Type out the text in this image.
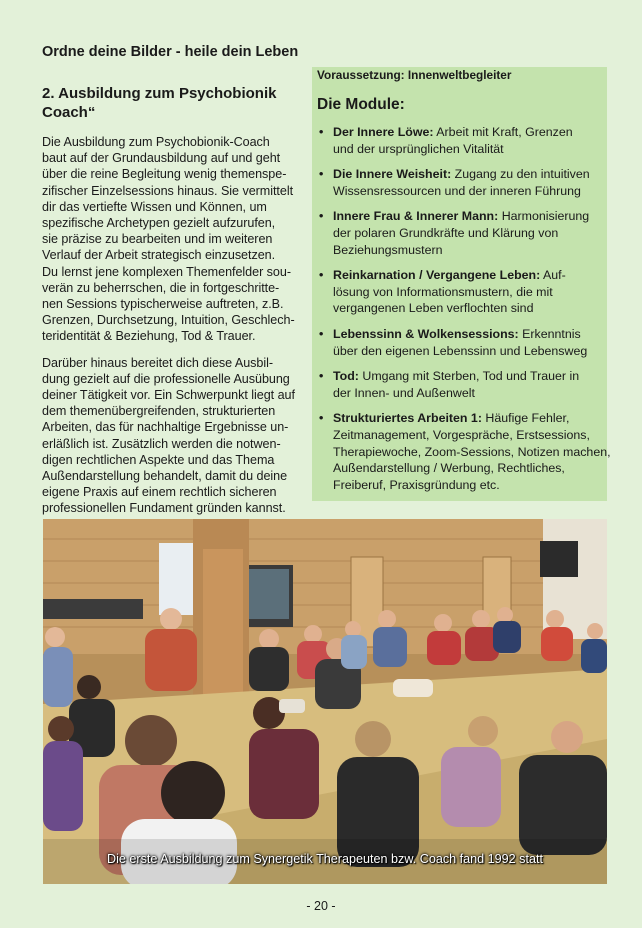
Ordne deine Bilder - heile dein Leben
2. Ausbildung zum Psychobionik
Coach“

Die Ausbildung zum Psychobionik-Coach
baut auf der Grundausbildung auf und geht
über die reine Begleitung wenig themenspe-
zifischer Einzelsessions hinaus. Sie vermittelt
dir das vertiefte Wissen und Können, um
spezifische Archetypen gezielt aufzurufen,
sie präzise zu bearbeiten und im weiteren
Verlauf der Arbeit strategisch einzusetzen.
Du lernst jene komplexen Themenfelder sou-
verän zu beherrschen, die in fortgeschritte-
nen Sessions typischerweise auftreten, z.B.
Grenzen, Durchsetzung, Intuition, Geschlech-
teridentität & Beziehung, Tod & Trauer.

Darüber hinaus bereitet dich diese Ausbil-
dung gezielt auf die professionelle Ausübung
deiner Tätigkeit vor. Ein Schwerpunkt liegt auf
dem themenübergreifenden, strukturierten
Arbeiten, das für nachhaltige Ergebnisse un-
erläßlich ist. Zusätzlich werden die notwen-
digen rechtlichen Aspekte und das Thema
Außendarstellung behandelt, damit du deine
eigene Praxis auf einem rechtlich sicheren
professionellen Fundament gründen kannst.

Voraussetzung: Innenweltbegleiter

Die Module:
• Der Innere Löwe: Arbeit mit Kraft, Grenzen
und der ursprünglichen Vitalität
• Die Innere Weisheit: Zugang zu den intuitiven
Wissensressourcen und der inneren Führung
• Innere Frau & Innerer Mann: Harmonisierung
der polaren Grundkräfte und Klärung von
Beziehungsmustern
• Reinkarnation / Vergangene Leben: Auf-
lösung von Informationsmustern, die mit
vergangenen Leben verflochten sind
• Lebenssinn & Wolkensessions: Erkenntnis
über den eigenen Lebenssinn und Lebensweg
• Tod: Umgang mit Sterben, Tod und Trauer in
der Innen- und Außenwelt
• Strukturiertes Arbeiten 1: Häufige Fehler,
Zeitmanagement, Vorgespräche, Erstsessions,
Therapiewoche, Zoom-Sessions, Notizen machen,
Außendarstellung / Werbung, Rechtliches,
Freiberuf, Praxisgründung etc.
Die erste Ausbildung zum Synergetik Therapeuten bzw. Coach fand 1992 statt
- 20 -
